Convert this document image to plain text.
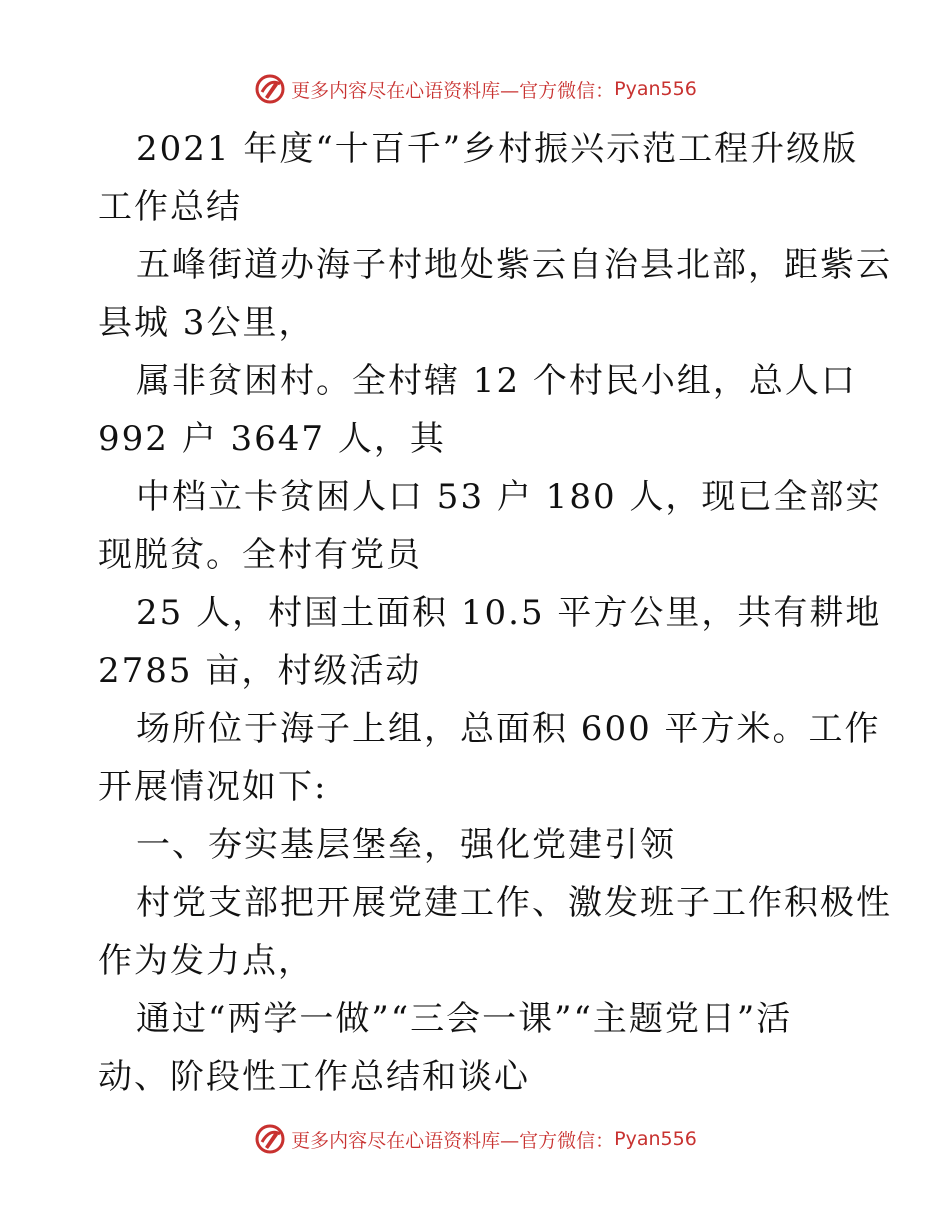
更多内容尽在心语资料库—官方微信： Pyan556
2021 年度“十百千”乡村振兴示范工程升级版
工作总结
五峰街道办海子村地处紫云自治县北部，距紫云
县城 3公里，
属非贫困村。全村辖 12 个村民小组，总人口
992 户 3647 人，其
中档立卡贫困人口 53 户 180 人，现已全部实
现脱贫。全村有党员
25 人，村国土面积 10.5 平方公里，共有耕地
2785 亩，村级活动
场所位于海子上组，总面积 600 平方米。工作
开展情况如下:
一、夯实基层堡垒，强化党建引领
村党支部把开展党建工作、激发班子工作积极性
作为发力点，
通过“两学一做”“三会一课”“主题党日”活
动、阶段性工作总结和谈心
更多内容尽在心语资料库—官方微信： Pyan556
